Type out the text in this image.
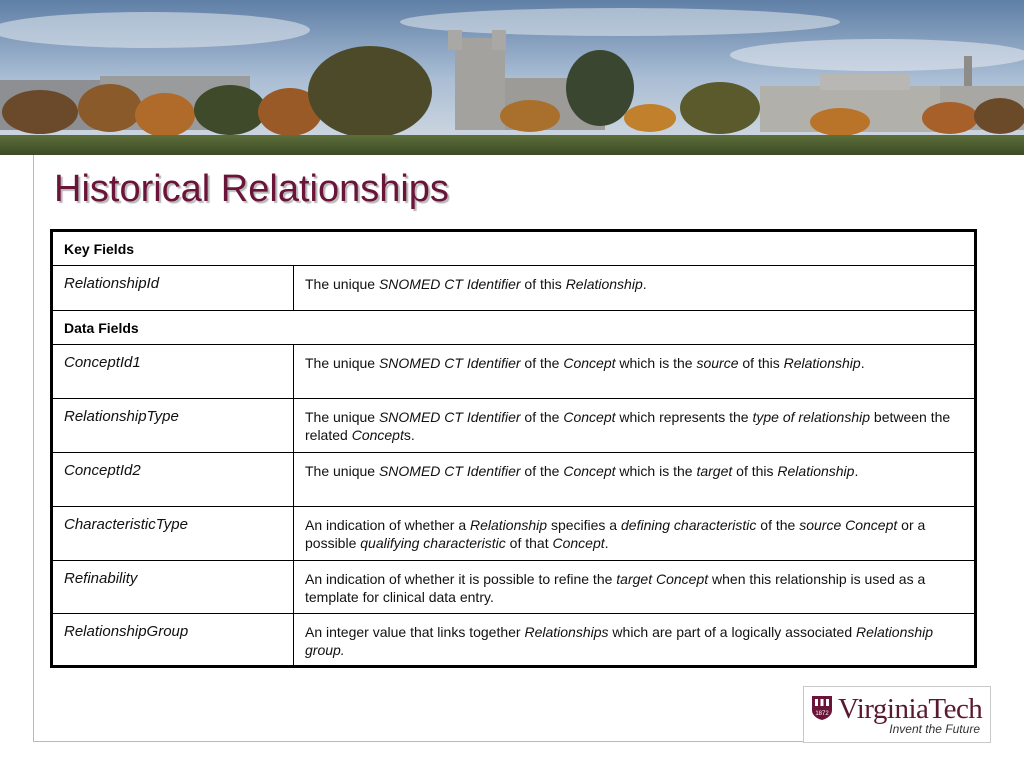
Historical Relationships
Key Fields	
RelationshipId	The unique SNOMED CT Identifier of this Relationship.
Data Fields	
ConceptId1	The unique SNOMED CT Identifier of the Concept which is the source of this Relationship.
RelationshipType	The unique SNOMED CT Identifier of the Concept which represents the type of relationship between the related Concepts.
ConceptId2	The unique SNOMED CT Identifier of the Concept which is the target of this Relationship.
CharacteristicType	An indication of whether a Relationship specifies a defining characteristic of the source Concept or a possible qualifying characteristic of that Concept.
Refinability	An indication of whether it is possible to refine the target Concept when this relationship is used as a template for clinical data entry.
RelationshipGroup	An integer value that links together Relationships which are part of a logically associated Relationship group.
1872 VirginiaTech
Invent the Future
